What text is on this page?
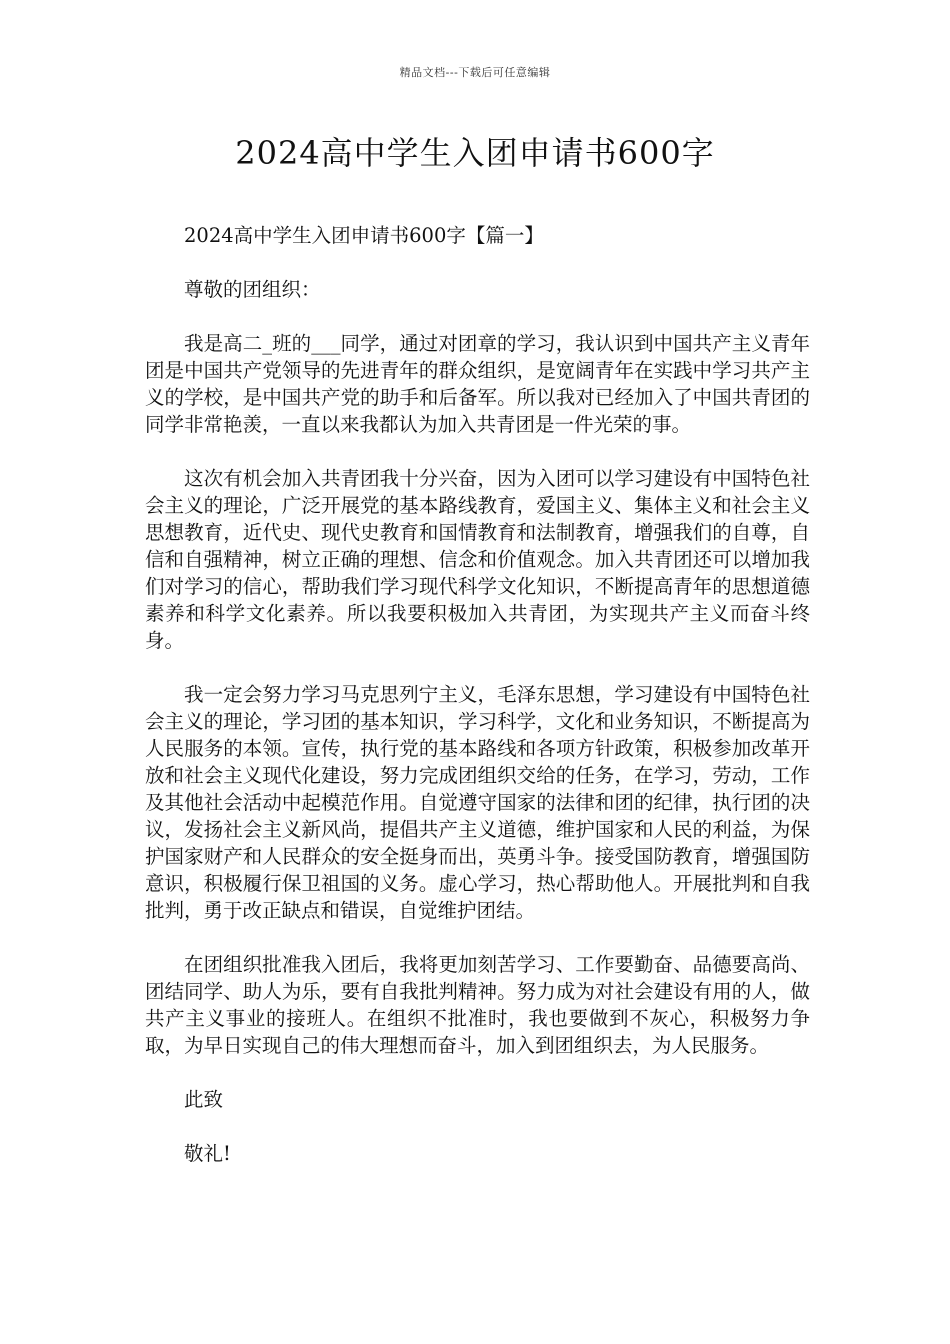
精品文档---下载后可任意编辑
2024高中学生入团申请书600字

2024高中学生入团申请书600字【篇一】

尊敬的团组织：

我是高二_班的___同学，通过对团章的学习，我认识到中国共产主义青年团是中国共产党领导的先进青年的群众组织，是宽阔青年在实践中学习共产主义的学校，是中国共产党的助手和后备军。所以我对已经加入了中国共青团的同学非常艳羡，一直以来我都认为加入共青团是一件光荣的事。

这次有机会加入共青团我十分兴奋，因为入团可以学习建设有中国特色社会主义的理论，广泛开展党的基本路线教育，爱国主义、集体主义和社会主义思想教育，近代史、现代史教育和国情教育和法制教育，增强我们的自尊，自信和自强精神，树立正确的理想、信念和价值观念。加入共青团还可以增加我们对学习的信心，帮助我们学习现代科学文化知识，不断提高青年的思想道德素养和科学文化素养。所以我要积极加入共青团，为实现共产主义而奋斗终身。

我一定会努力学习马克思列宁主义，毛泽东思想，学习建设有中国特色社会主义的理论，学习团的基本知识，学习科学，文化和业务知识，不断提高为人民服务的本领。宣传，执行党的基本路线和各项方针政策，积极参加改革开放和社会主义现代化建设，努力完成团组织交给的任务，在学习，劳动，工作及其他社会活动中起模范作用。自觉遵守国家的法律和团的纪律，执行团的决议，发扬社会主义新风尚，提倡共产主义道德，维护国家和人民的利益，为保护国家财产和人民群众的安全挺身而出，英勇斗争。接受国防教育，增强国防意识，积极履行保卫祖国的义务。虚心学习，热心帮助他人。开展批判和自我批判，勇于改正缺点和错误，自觉维护团结。

在团组织批准我入团后，我将更加刻苦学习、工作要勤奋、品德要高尚、团结同学、助人为乐，要有自我批判精神。努力成为对社会建设有用的人，做共产主义事业的接班人。在组织不批准时，我也要做到不灰心，积极努力争取，为早日实现自己的伟大理想而奋斗，加入到团组织去，为人民服务。

此致

敬礼!
